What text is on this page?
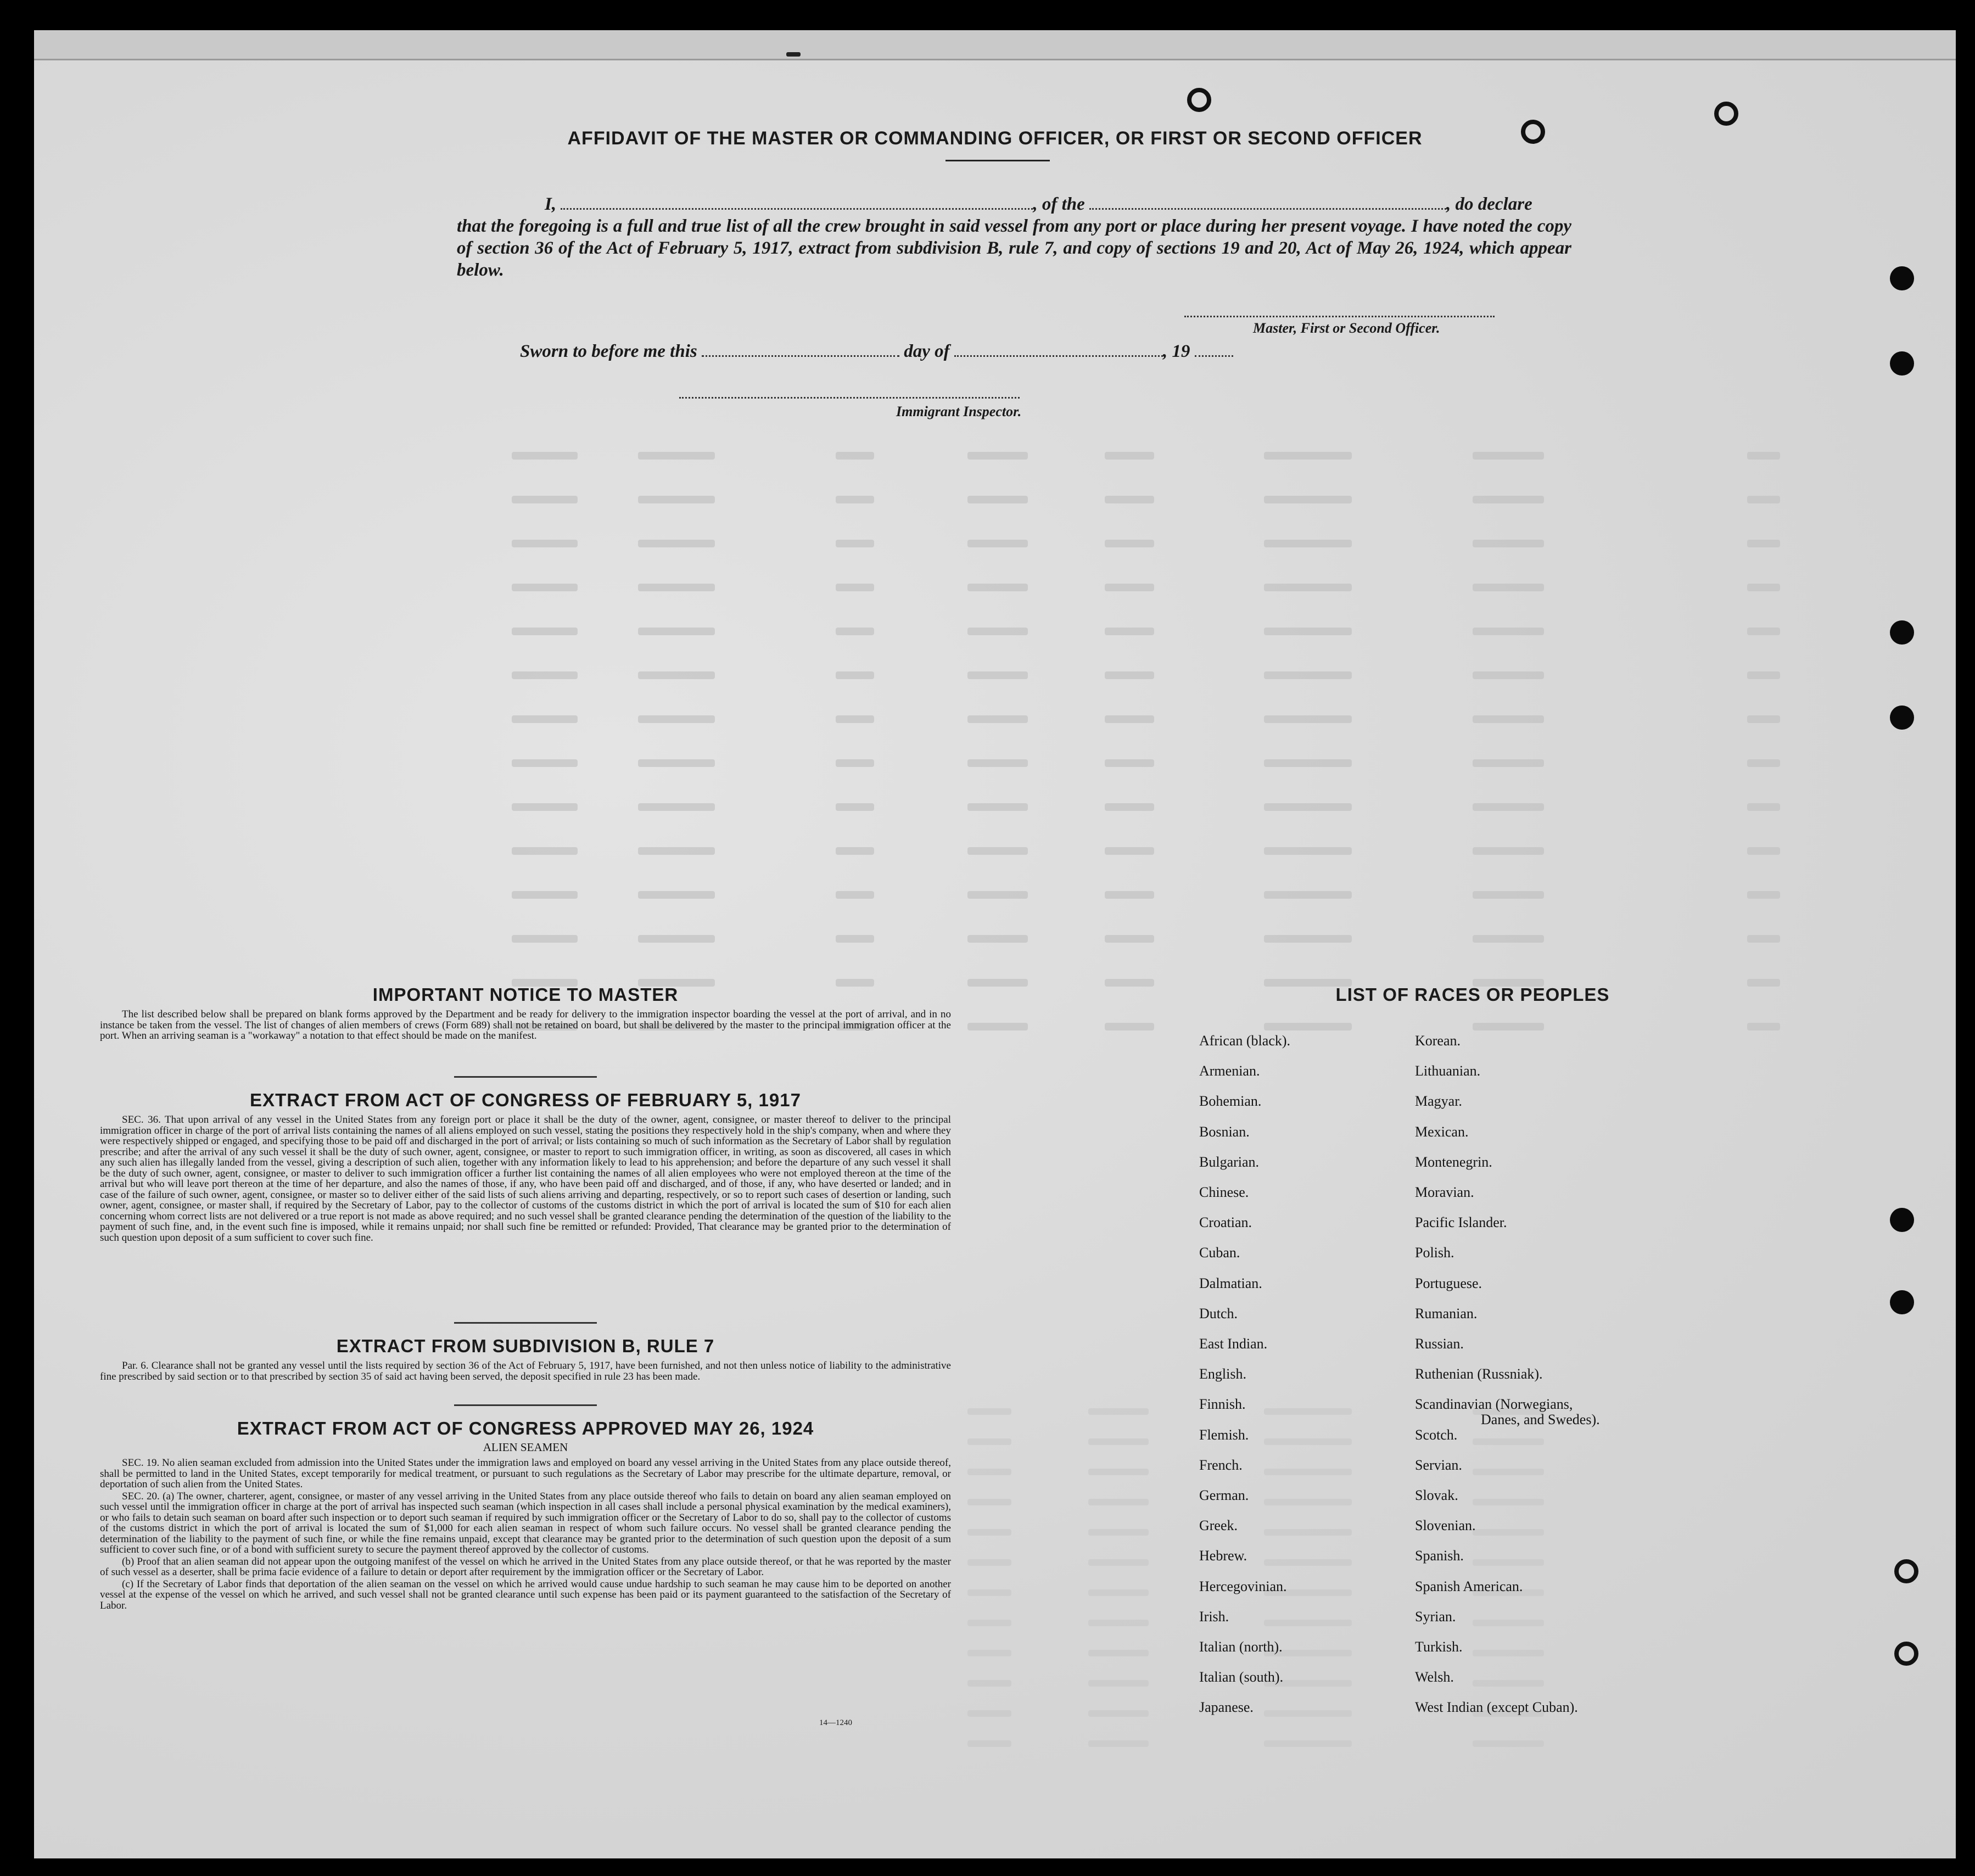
AFFIDAVIT OF THE MASTER OR COMMANDING OFFICER, OR FIRST OR SECOND OFFICER

I,	, of the	, do declare

that the foregoing is a full and true list of all the crew brought in said vessel from any port or place during her present voyage. I have noted the copy of section 36 of the Act of February 5, 1917, extract from subdivision B, rule 7, and copy of sections 19 and 20, Act of May 26, 1924, which appear below.

Master, First or Second Officer.

Sworn to before me this	day of	, 19

Immigrant Inspector.
IMPORTANT NOTICE TO MASTER

The list described below shall be prepared on blank forms approved by the Department and be ready for delivery to the immigration inspector boarding the vessel at the port of arrival, and in no instance be taken from the vessel. The list of changes of alien members of crews (Form 689) shall not be retained on board, but shall be delivered by the master to the principal immigration officer at the port. When an arriving seaman is a "workaway" a notation to that effect should be made on the manifest.

EXTRACT FROM ACT OF CONGRESS OF FEBRUARY 5, 1917

SEC. 36. That upon arrival of any vessel in the United States from any foreign port or place it shall be the duty of the owner, agent, consignee, or master thereof to deliver to the principal immigration officer in charge of the port of arrival lists containing the names of all aliens employed on such vessel, stating the positions they respectively hold in the ship's company, when and where they were respectively shipped or engaged, and specifying those to be paid off and discharged in the port of arrival; or lists containing so much of such information as the Secretary of Labor shall by regulation prescribe; and after the arrival of any such vessel it shall be the duty of such owner, agent, consignee, or master to report to such immigration officer, in writing, as soon as discovered, all cases in which any such alien has illegally landed from the vessel, giving a description of such alien, together with any information likely to lead to his apprehension; and before the departure of any such vessel it shall be the duty of such owner, agent, consignee, or master to deliver to such immigration officer a further list containing the names of all alien employees who were not employed thereon at the time of the arrival but who will leave port thereon at the time of her departure, and also the names of those, if any, who have been paid off and discharged, and of those, if any, who have deserted or landed; and in case of the failure of such owner, agent, consignee, or master so to deliver either of the said lists of such aliens arriving and departing, respectively, or so to report such cases of desertion or landing, such owner, agent, consignee, or master shall, if required by the Secretary of Labor, pay to the collector of customs of the customs district in which the port of arrival is located the sum of $10 for each alien concerning whom correct lists are not delivered or a true report is not made as above required; and no such vessel shall be granted clearance pending the determination of the question of the liability to the payment of such fine, and, in the event such fine is imposed, while it remains unpaid; nor shall such fine be remitted or refunded: Provided, That clearance may be granted prior to the determination of such question upon deposit of a sum sufficient to cover such fine.

EXTRACT FROM SUBDIVISION B, RULE 7

Par. 6. Clearance shall not be granted any vessel until the lists required by section 36 of the Act of February 5, 1917, have been furnished, and not then unless notice of liability to the administrative fine prescribed by said section or to that prescribed by section 35 of said act having been served, the deposit specified in rule 23 has been made.

EXTRACT FROM ACT OF CONGRESS APPROVED MAY 26, 1924
ALIEN SEAMEN

SEC. 19. No alien seaman excluded from admission into the United States under the immigration laws and employed on board any vessel arriving in the United States from any place outside thereof, shall be permitted to land in the United States, except temporarily for medical treatment, or pursuant to such regulations as the Secretary of Labor may prescribe for the ultimate departure, removal, or deportation of such alien from the United States.

SEC. 20. (a) The owner, charterer, agent, consignee, or master of any vessel arriving in the United States from any place outside thereof who fails to detain on board any alien seaman employed on such vessel until the immigration officer in charge at the port of arrival has inspected such seaman (which inspection in all cases shall include a personal physical examination by the medical examiners), or who fails to detain such seaman on board after such inspection or to deport such seaman if required by such immigration officer or the Secretary of Labor to do so, shall pay to the collector of customs of the customs district in which the port of arrival is located the sum of $1,000 for each alien seaman in respect of whom such failure occurs. No vessel shall be granted clearance pending the determination of the liability to the payment of such fine, or while the fine remains unpaid, except that clearance may be granted prior to the determination of such question upon the deposit of a sum sufficient to cover such fine, or of a bond with sufficient surety to secure the payment thereof approved by the collector of customs.

(b) Proof that an alien seaman did not appear upon the outgoing manifest of the vessel on which he arrived in the United States from any place outside thereof, or that he was reported by the master of such vessel as a deserter, shall be prima facie evidence of a failure to detain or deport after requirement by the immigration officer or the Secretary of Labor.

(c) If the Secretary of Labor finds that deportation of the alien seaman on the vessel on which he arrived would cause undue hardship to such seaman he may cause him to be deported on another vessel at the expense of the vessel on which he arrived, and such vessel shall not be granted clearance until such expense has been paid or its payment guaranteed to the satisfaction of the Secretary of Labor.

14—1240
LIST OF RACES OR PEOPLES
African (black).
Armenian.
Bohemian.
Bosnian.
Bulgarian.
Chinese.
Croatian.
Cuban.
Dalmatian.
Dutch.
East Indian.
English.
Finnish.
Flemish.
French.
German.
Greek.
Hebrew.
Hercegovinian.
Irish.
Italian (north).
Italian (south).
Japanese.
Korean.
Lithuanian.
Magyar.
Mexican.
Montenegrin.
Moravian.
Pacific Islander.
Polish.
Portuguese.
Rumanian.
Russian.
Ruthenian (Russniak).
Scandinavian (Norwegians,
Scotch.
Servian.
Slovak.
Slovenian.
Spanish.
Spanish American.
Syrian.
Turkish.
Welsh.
West Indian (except Cuban).
Danes, and Swedes).
